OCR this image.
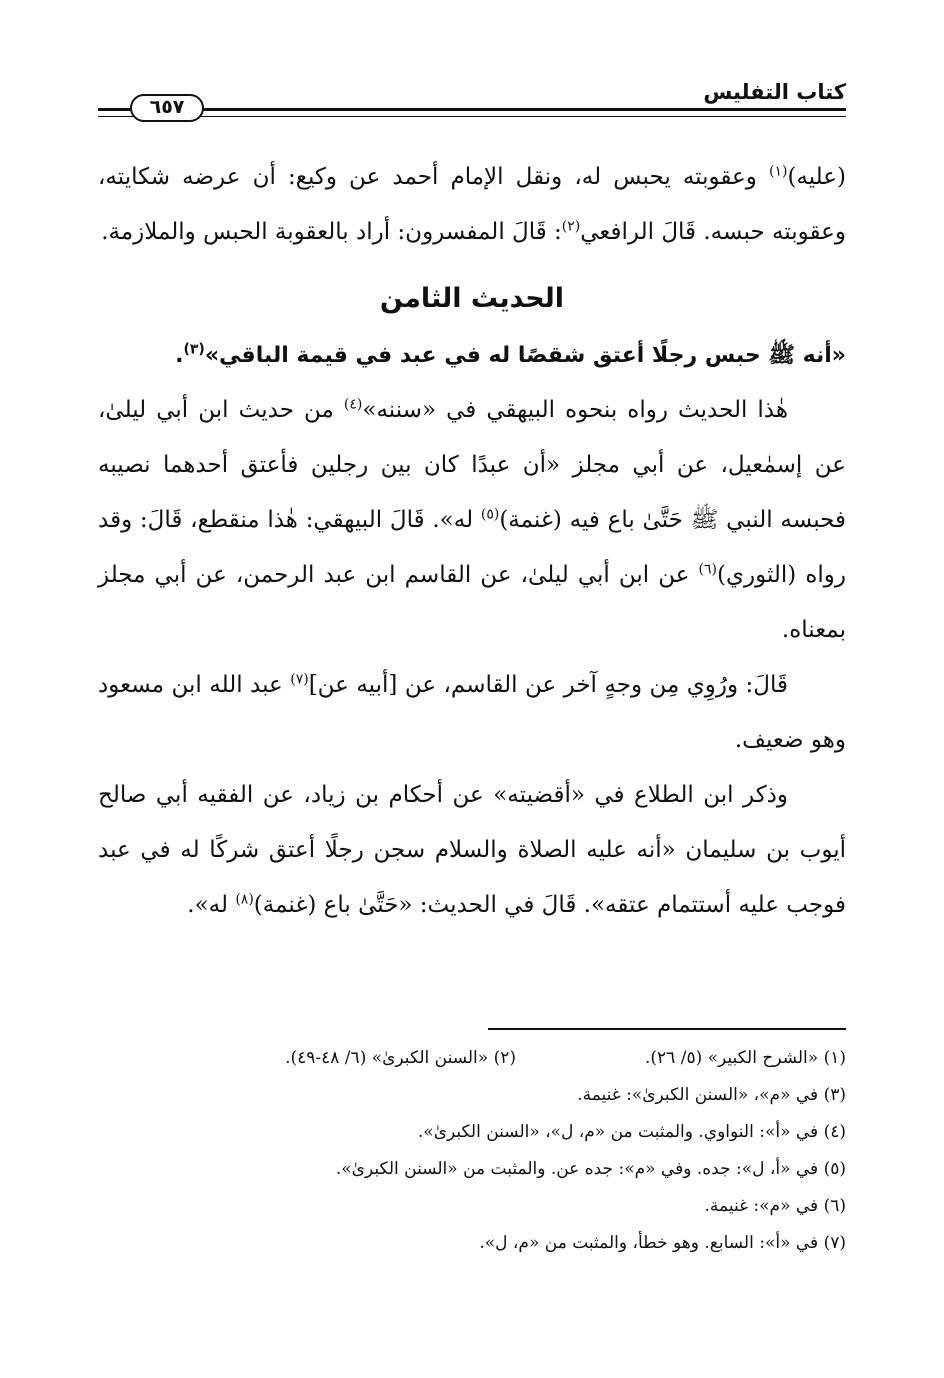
كتاب التفليس
٦٥٧

(عليه)$^{(١)}$ وعقوبته يحبس له، ونقل الإمام أحمد عن وكيع: أن عرضه شكايته، وعقوبته حبسه. قَالَ الرافعي$^{(٢)}$: قَالَ المفسرون: أراد بالعقوبة الحبس والملازمة.

الحديث الثامن

«أنه ﷺ حبس رجلًا أعتق شقصًا له في عبد في قيمة الباقي»$^{(٣)}$.

هٰذا الحديث رواه بنحوه البيهقي في «سننه»$^{(٤)}$ من حديث ابن أبي ليلىٰ، عن إسمٰعيل، عن أبي مجلز «أن عبدًا كان بين رجلين فأعتق أحدهما نصيبه فحبسه النبي ﷺ حَتَّىٰ باع فيه (غنمة)$^{(٥)}$ له». قَالَ البيهقي: هٰذا منقطع، قَالَ: وقد رواه (الثوري)$^{(٦)}$ عن ابن أبي ليلىٰ، عن القاسم ابن عبد الرحمن، عن أبي مجلز بمعناه.

قَالَ: ورُوِي مِن وجهٍ آخر عن القاسم، عن [أبيه عن]$^{(٧)}$ عبد الله ابن مسعود وهو ضعيف.

وذكر ابن الطلاع في «أقضيته» عن أحكام بن زياد، عن الفقيه أبي صالح أيوب بن سليمان «أنه عليه الصلاة والسلام سجن رجلًا أعتق شركًا له في عبد فوجب عليه أستتمام عتقه». قَالَ في الحديث: «حَتَّىٰ باع (غنمة)$^{(٨)}$ له».

(١) «الشرح الكبير» (٥/ ٢٦).
(٢) «السنن الكبرىٰ» (٦/ ٤٨-٤٩).
(٣) في «م»، «السنن الكبرىٰ»: غنيمة.
(٤) في «أ»: النواوي. والمثبت من «م، ل»، «السنن الكبرىٰ».
(٥) في «أ، ل»: جده. وفي «م»: جده عن. والمثبت من «السنن الكبرىٰ».
(٦) في «م»: غنيمة.
(٧) في «أ»: السابع. وهو خطأ، والمثبت من «م، ل».
